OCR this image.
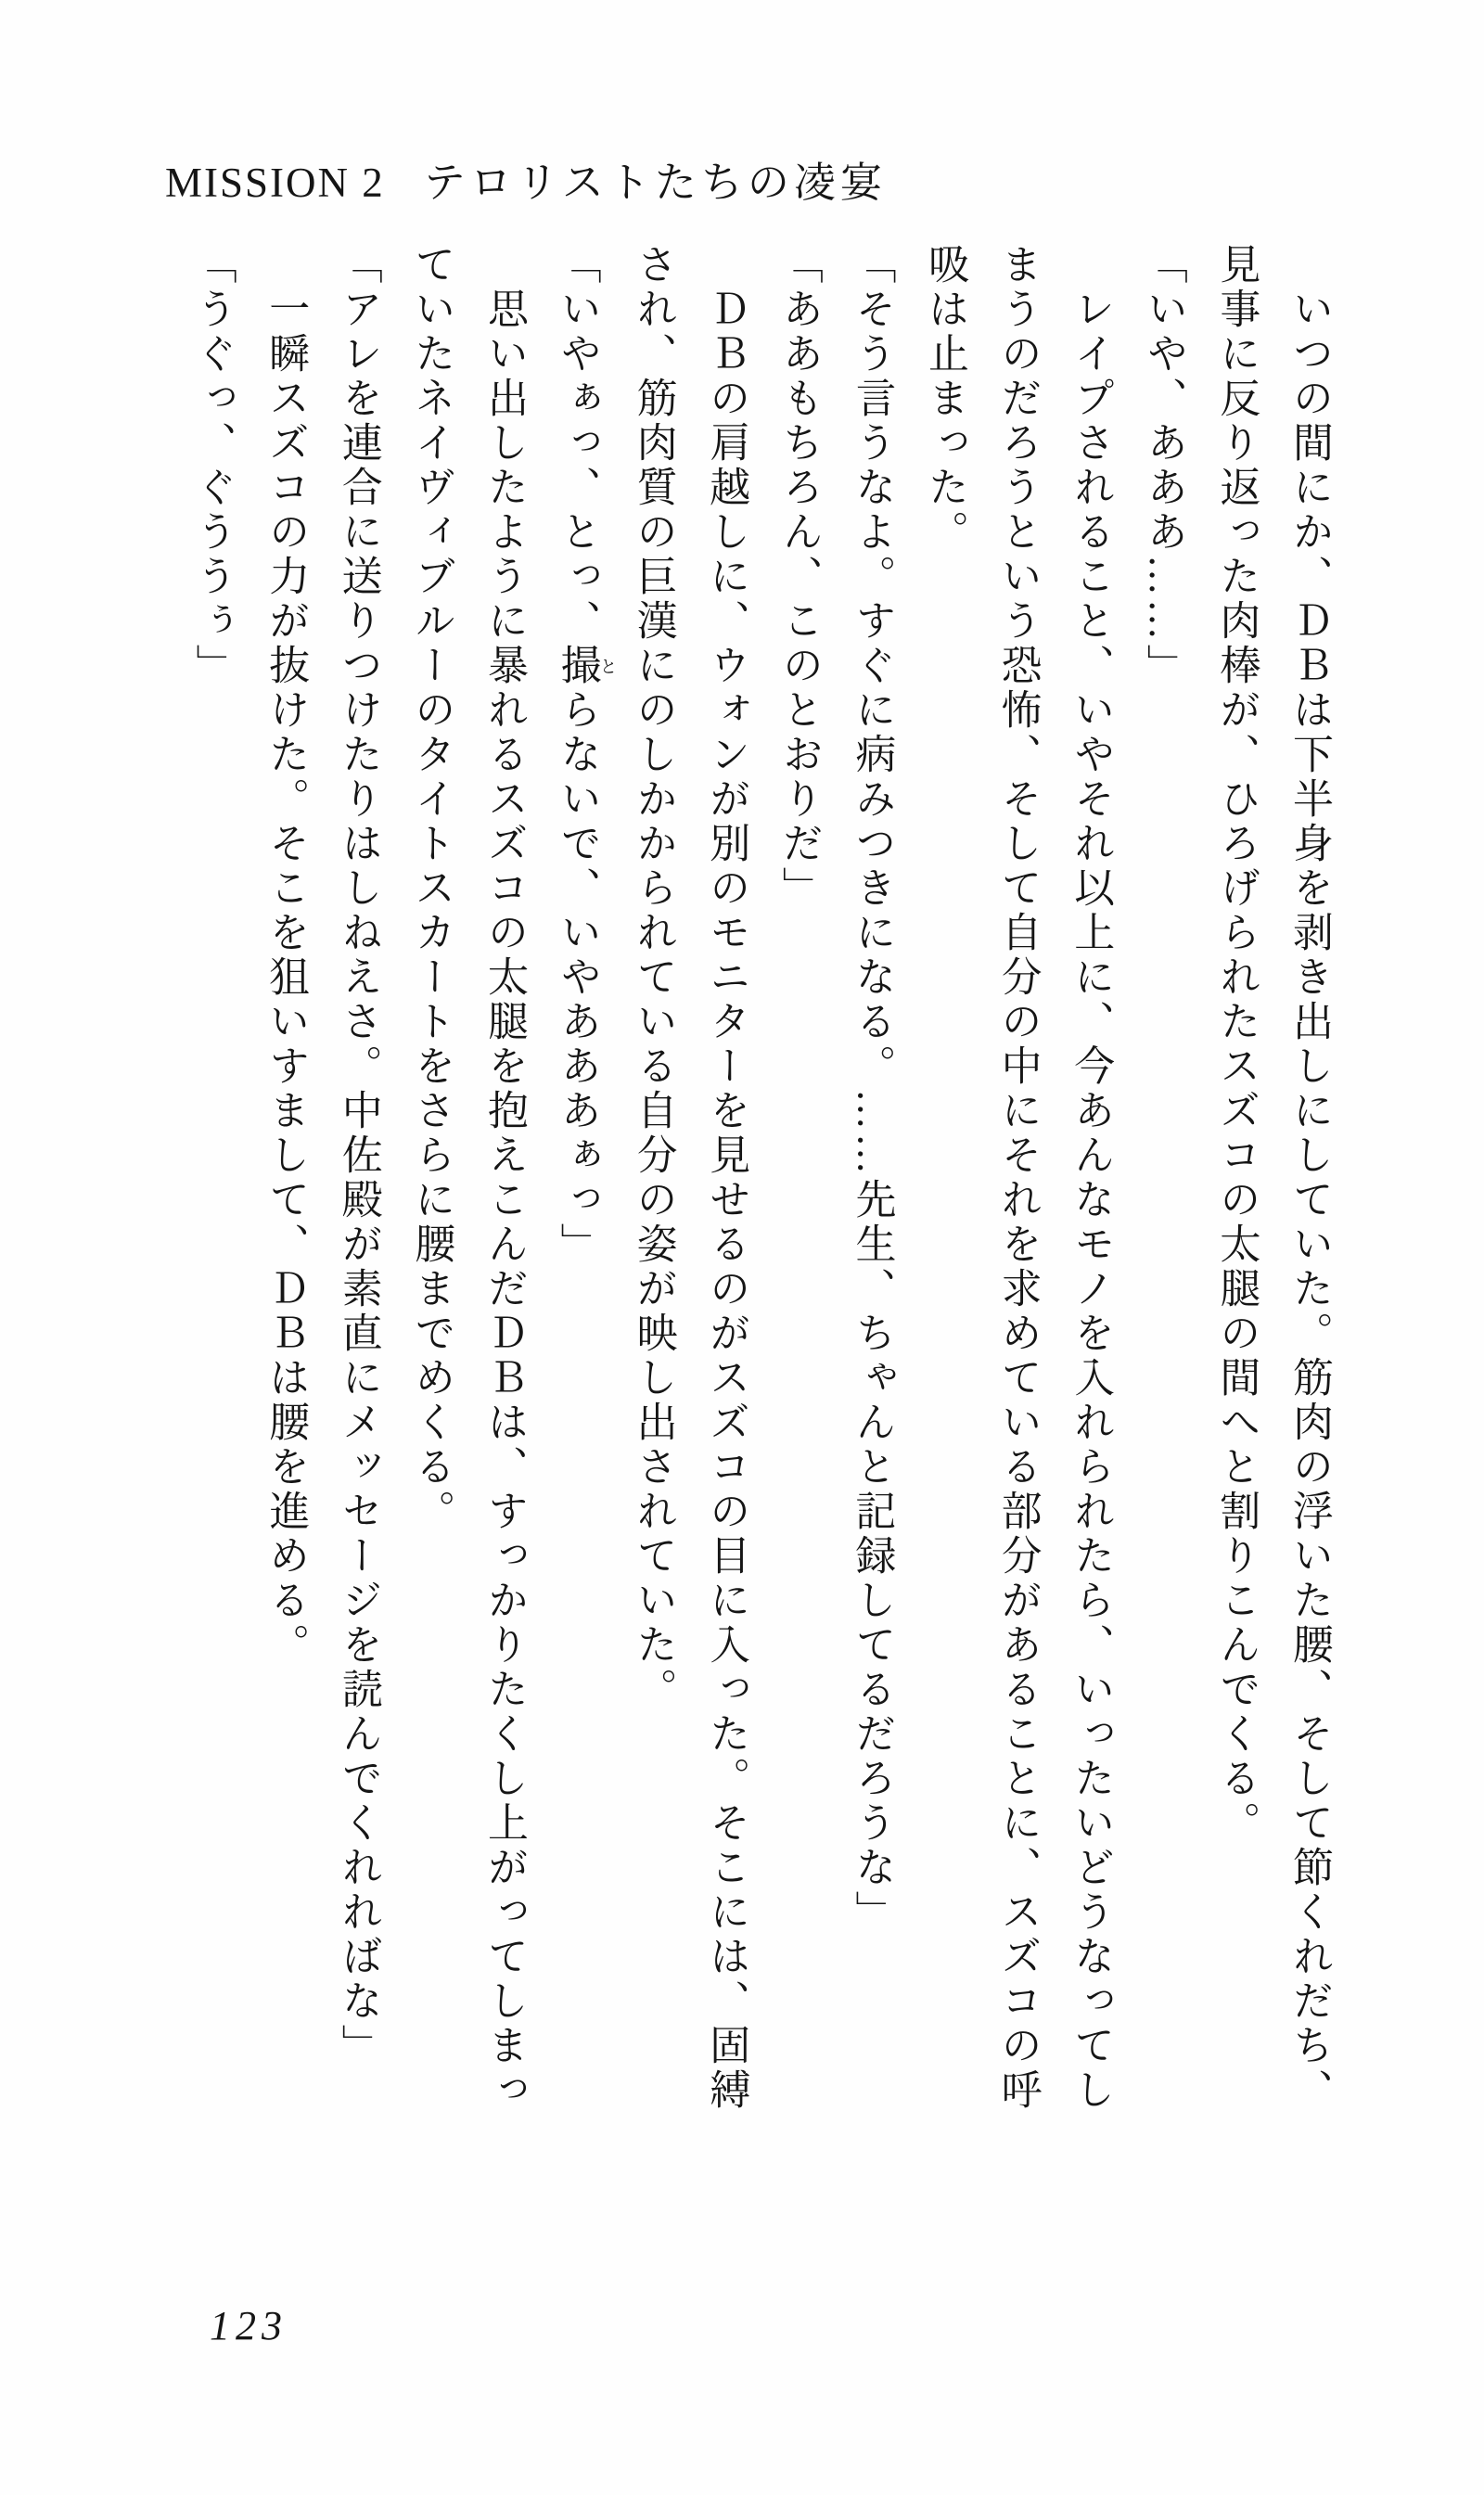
MISSION 2 テロリストたちの凌宴

　いつの間にか、ＤＢは下半身を剥き出しにしていた。筋肉の浮いた腰、そして節くれだち、

見事に反り返った肉棒が、ひろげられたスズコの太腿の間へと割りこんでくる。

「いや、あああ……」

　レイプされること、いやそれ以上に、今あんなモノを入れられたら、いったいどうなってし

まうのだろうという恐怖、そして自分の中にそれを求めている部分があることに、スズコの呼

吸は止まった。

「そう言うなよ。すぐに病みつきになる。……先生、ちゃんと記録してるだろうな」

「ああもちろん、このとおりだ」

　ＤＢの肩越しに、ウォンが別のモニターを見せるのがスズコの目に入った。そこには、固縛

され、筋肉質の巨漢にのしかかられている自分の姿が映し出されていた。

「いやぁっ、とっ、撮とらないで、いやあああぁっ」

　思い出したように暴れるスズコの太腿を抱えこんだＤＢは、すっかりたくし上がってしまっ

ていたネイヴィブルーのタイトスカートをさらに腰までめくる。

「アレを連合に送りつけたりはしねえさ。中佐殿が素直にメッセージを読んでくれればな」

　一瞬スズコの力が抜けた。そこを狙いすまして、ＤＢは腰を進める。

「うぐっ、ぐううぅ」

123
